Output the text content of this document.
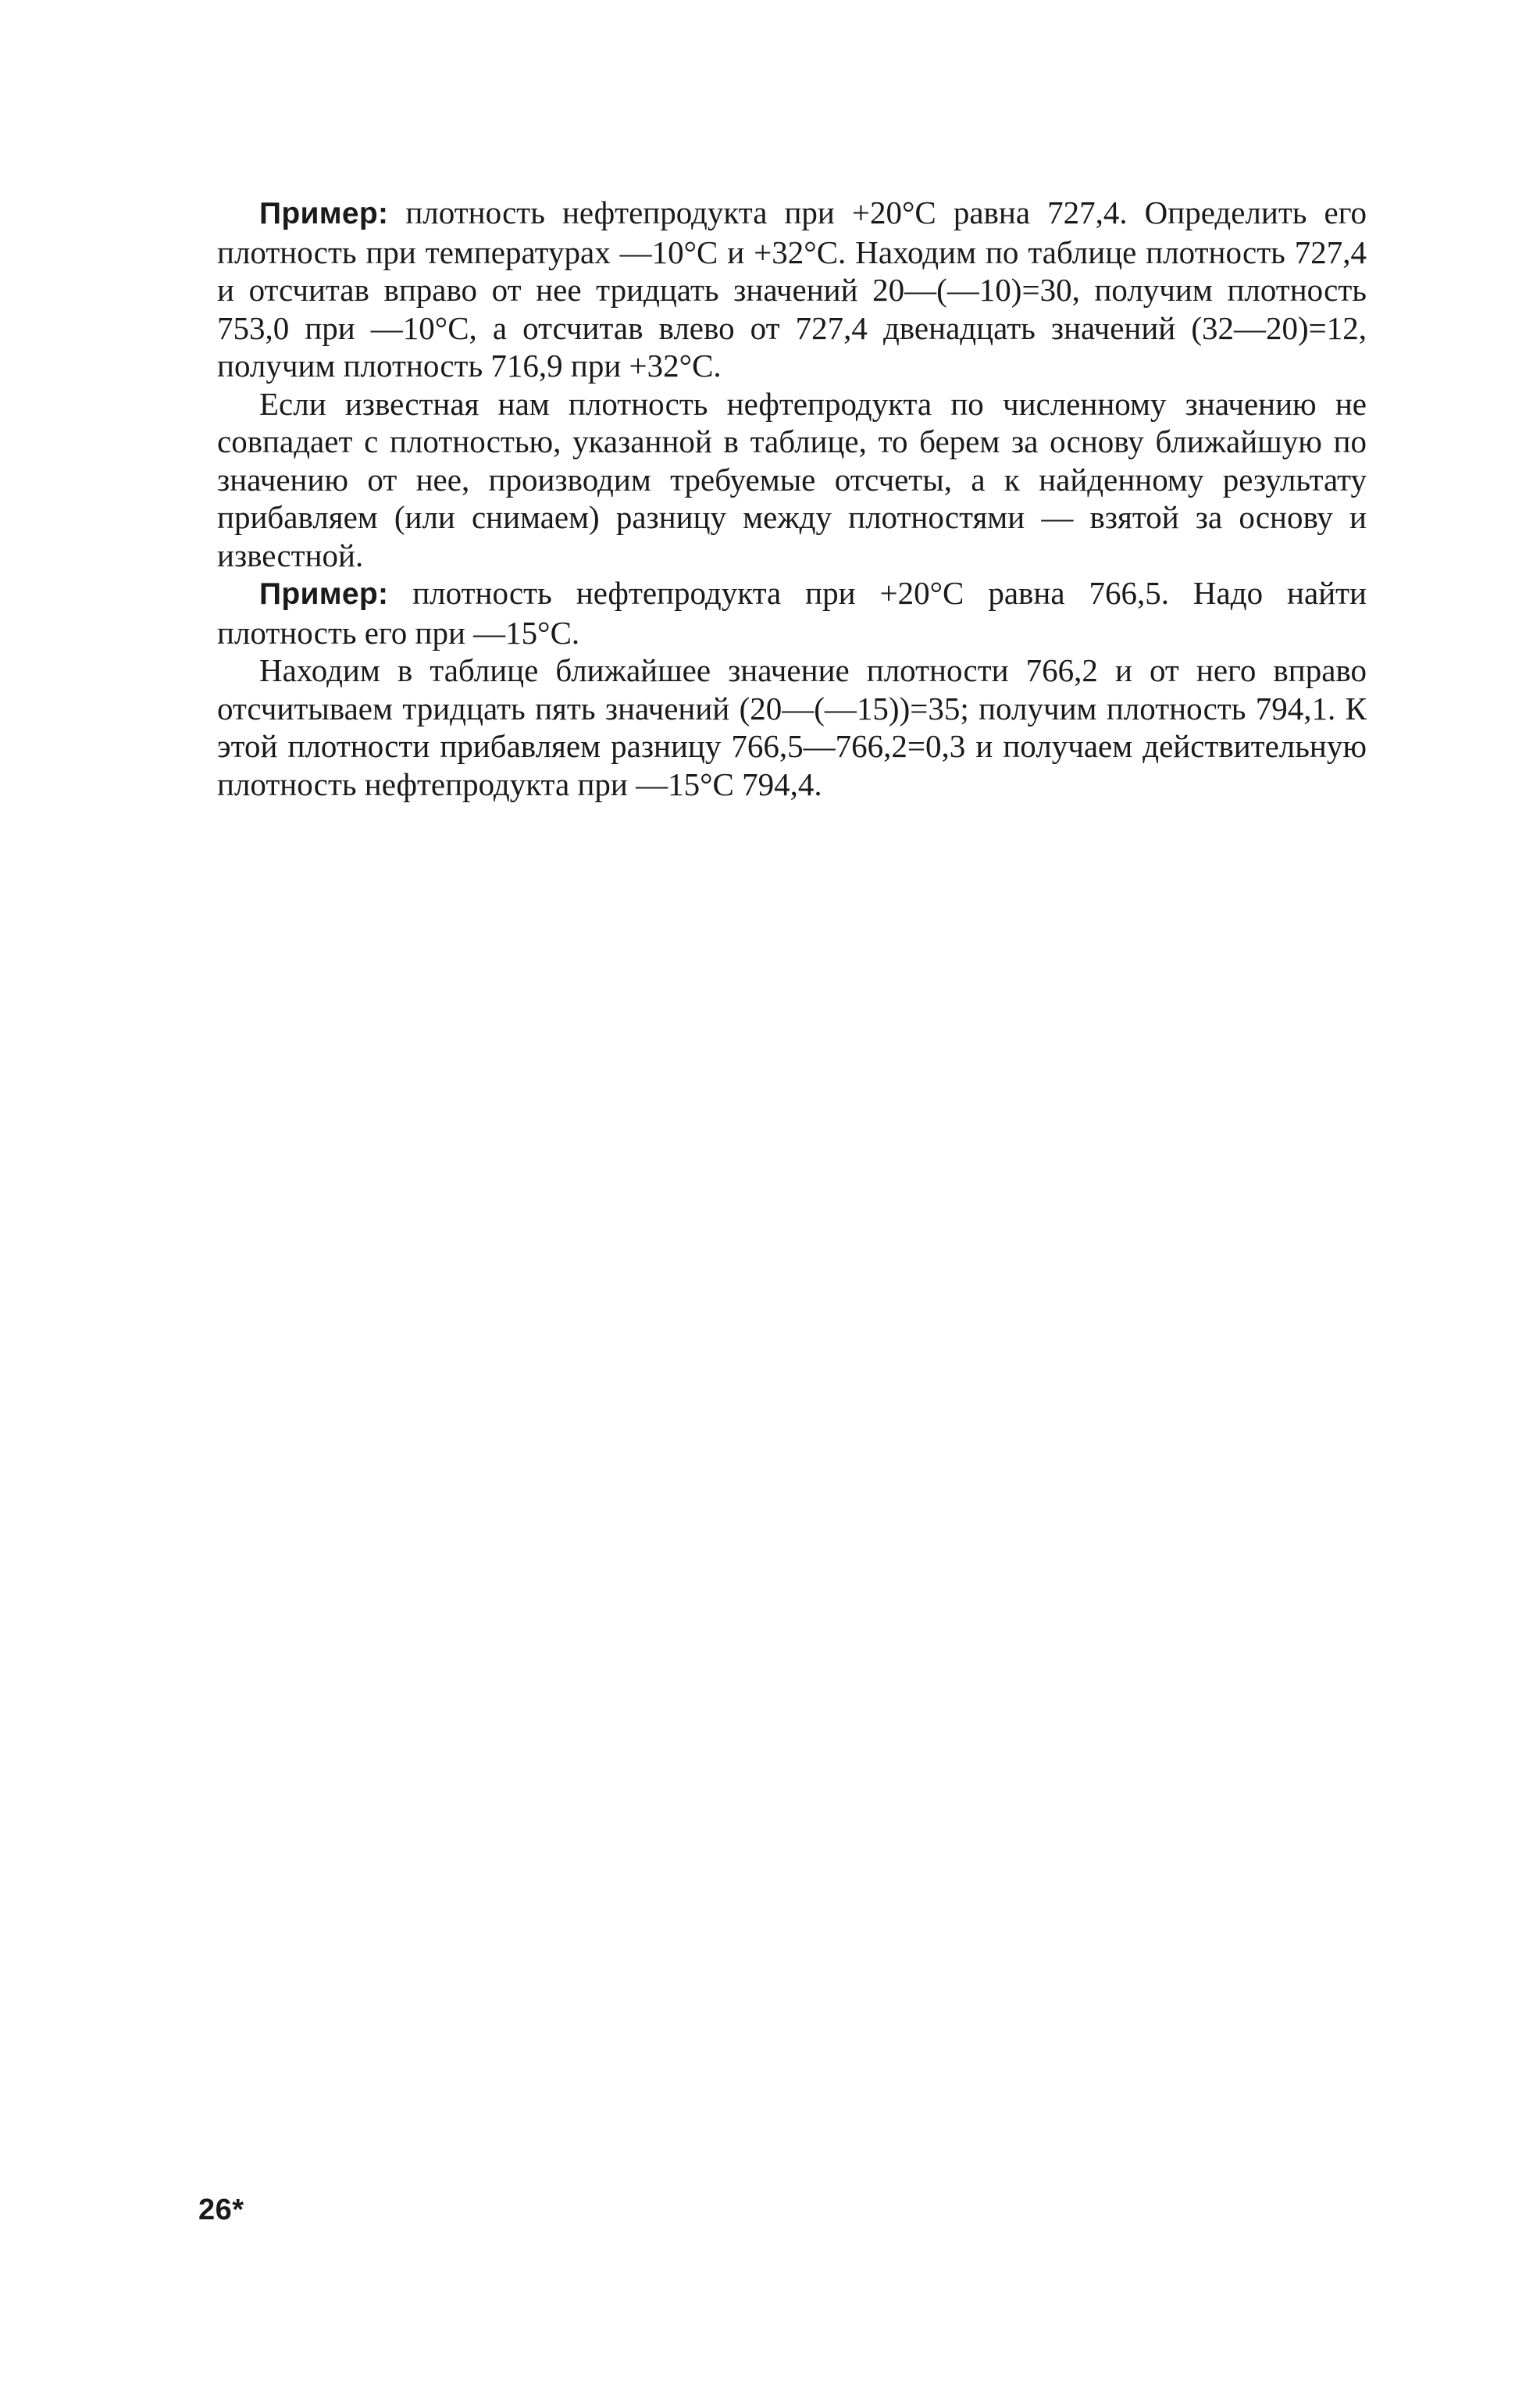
Пример: плотность нефтепродукта при +20°С равна 727,4. Определить его плотность при температурах —10°С и +32°С. Находим по таблице плотность 727,4 и отсчитав вправо от нее тридцать значений 20—(—10)=30, получим плотность 753,0 при —10°С, а отсчитав влево от 727,4 двенадцать значений (32—20)=12, получим плотность 716,9 при +32°С.

Если известная нам плотность нефтепродукта по численному значению не совпадает с плотностью, указанной в таблице, то берем за основу ближайшую по значению от нее, производим требуемые отсчеты, а к найденному результату прибавляем (или снимаем) разницу между плотностями — взятой за основу и известной.

Пример: плотность нефтепродукта при +20°С равна 766,5. Надо найти плотность его при —15°С.

Находим в таблице ближайшее значение плотности 766,2 и от него вправо отсчитываем тридцать пять значений (20—(—15))=35; получим плотность 794,1. К этой плотности прибавляем разницу 766,5—766,2=0,3 и получаем действительную плотность нефтепродукта при —15°С 794,4.

26*
